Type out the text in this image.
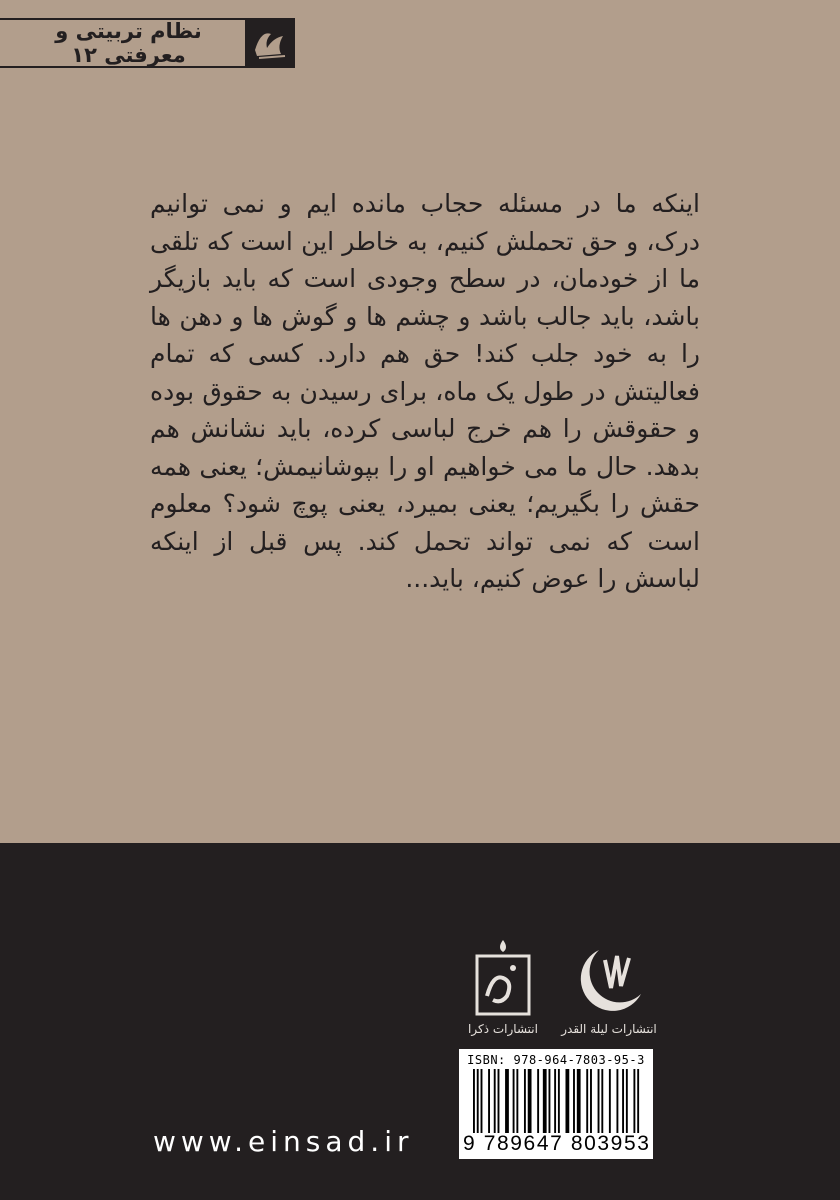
نظام تربیتی و معرفتی ۱۲

اینکه ما در مسئله حجاب مانده ایم و نمی توانیم درک، و حق تحملش کنیم، به خاطر این است که تلقی ما از خودمان، در سطح وجودی است که باید بازیگر باشد، باید جالب باشد و چشم ها و گوش ها و دهن ها را به خود جلب کند! حق هم دارد. کسی که تمام فعالیتش در طول یک ماه، برای رسیدن به حقوق بوده و حقوقش را هم خرج لباسی کرده، باید نشانش هم بدهد. حال ما می خواهیم او را بپوشانیمش؛ یعنی همه حقش را بگیریم؛ یعنی بمیرد، یعنی پوچ شود؟ معلوم است که نمی تواند تحمل کند. پس قبل از اینکه لباسش را عوض کنیم، باید...

انتشارات ذکرا انتشارات لیلة القدر
ISBN: 978-964-7803-95-3
9 789647 803953
www.einsad.ir
